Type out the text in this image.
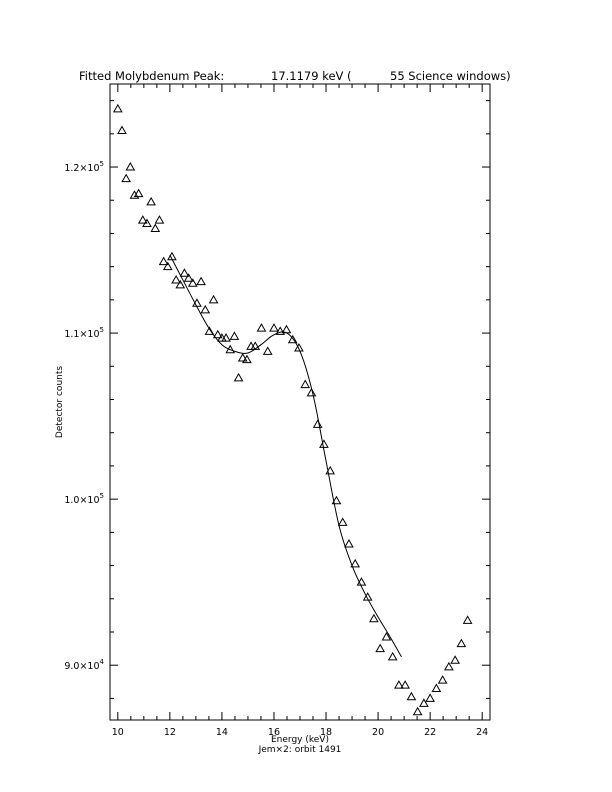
Fitted Molybdenum Peak:	17.1179 keV (	55 Science windows)
10	12	14	16	18	20	22	24
$9.0\times 10^4$
$1.0\times 10^5$
$1.1\times 10^5$
$1.2\times 10^5$
Energy (keV)
Jem×2: orbit 1491
Detector counts
